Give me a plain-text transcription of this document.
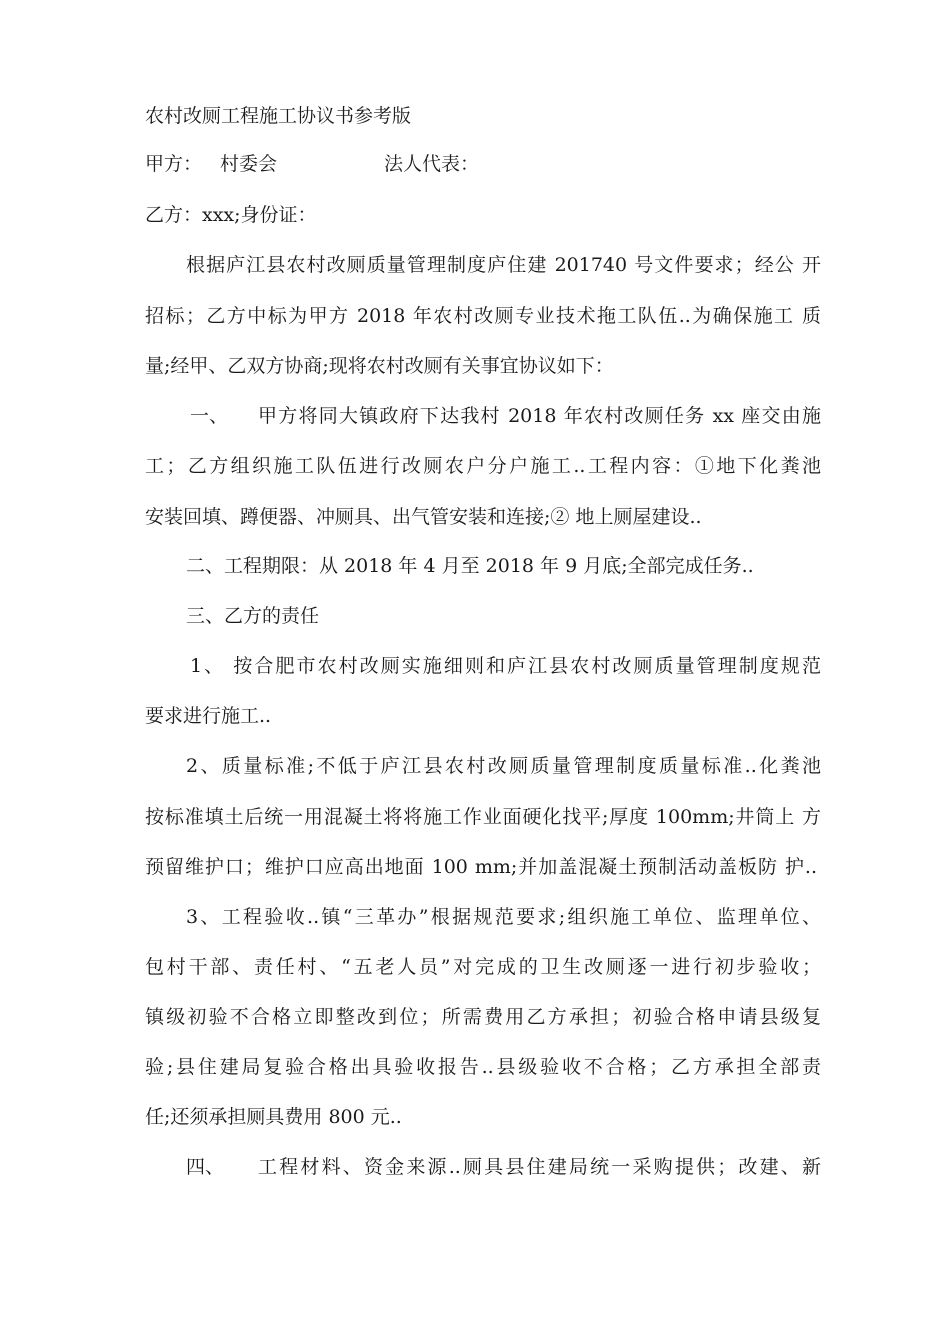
农村改厕工程施工协议书参考版
甲方： 村委会	法人代表：
乙方：xxx;身份证：
根据庐江县农村改厕质量管理制度庐住建 201740 号文件要求；经公 开
招标；乙方中标为甲方 2018 年农村改厕专业技术拖工队伍..为确保施工 质
量;经甲、乙双方协商;现将农村改厕有关事宜协议如下：
一、 甲方将同大镇政府下达我村 2018 年农村改厕任务 xx 座交由施
工；乙方组织施工队伍进行改厕农户分户施工..工程内容：①地下化粪池
安装回填、蹲便器、冲厕具、出气管安装和连接;② 地上厕屋建设..
二、工程期限：从 2018 年 4 月至 2018 年 9 月底;全部完成任务..
三、乙方的责任
1、 按合肥市农村改厕实施细则和庐江县农村改厕质量管理制度规范
要求进行施工..
2、质量标准;不低于庐江县农村改厕质量管理制度质量标准..化粪池
按标准填土后统一用混凝土将将施工作业面硬化找平;厚度 100mm;井筒上 方
预留维护口；维护口应高出地面 100 mm;并加盖混凝土预制活动盖板防 护..
3、工程验收..镇“三革办”根据规范要求;组织施工单位、监理单位、
包村干部、责任村、“五老人员”对完成的卫生改厕逐一进行初步验收；
镇级初验不合格立即整改到位；所需费用乙方承担；初验合格申请县级复
验;县住建局复验合格出具验收报告..县级验收不合格；乙方承担全部责
任;还须承担厕具费用 800 元..
四、 工程材料、资金来源..厕具县住建局统一采购提供；改建、新
